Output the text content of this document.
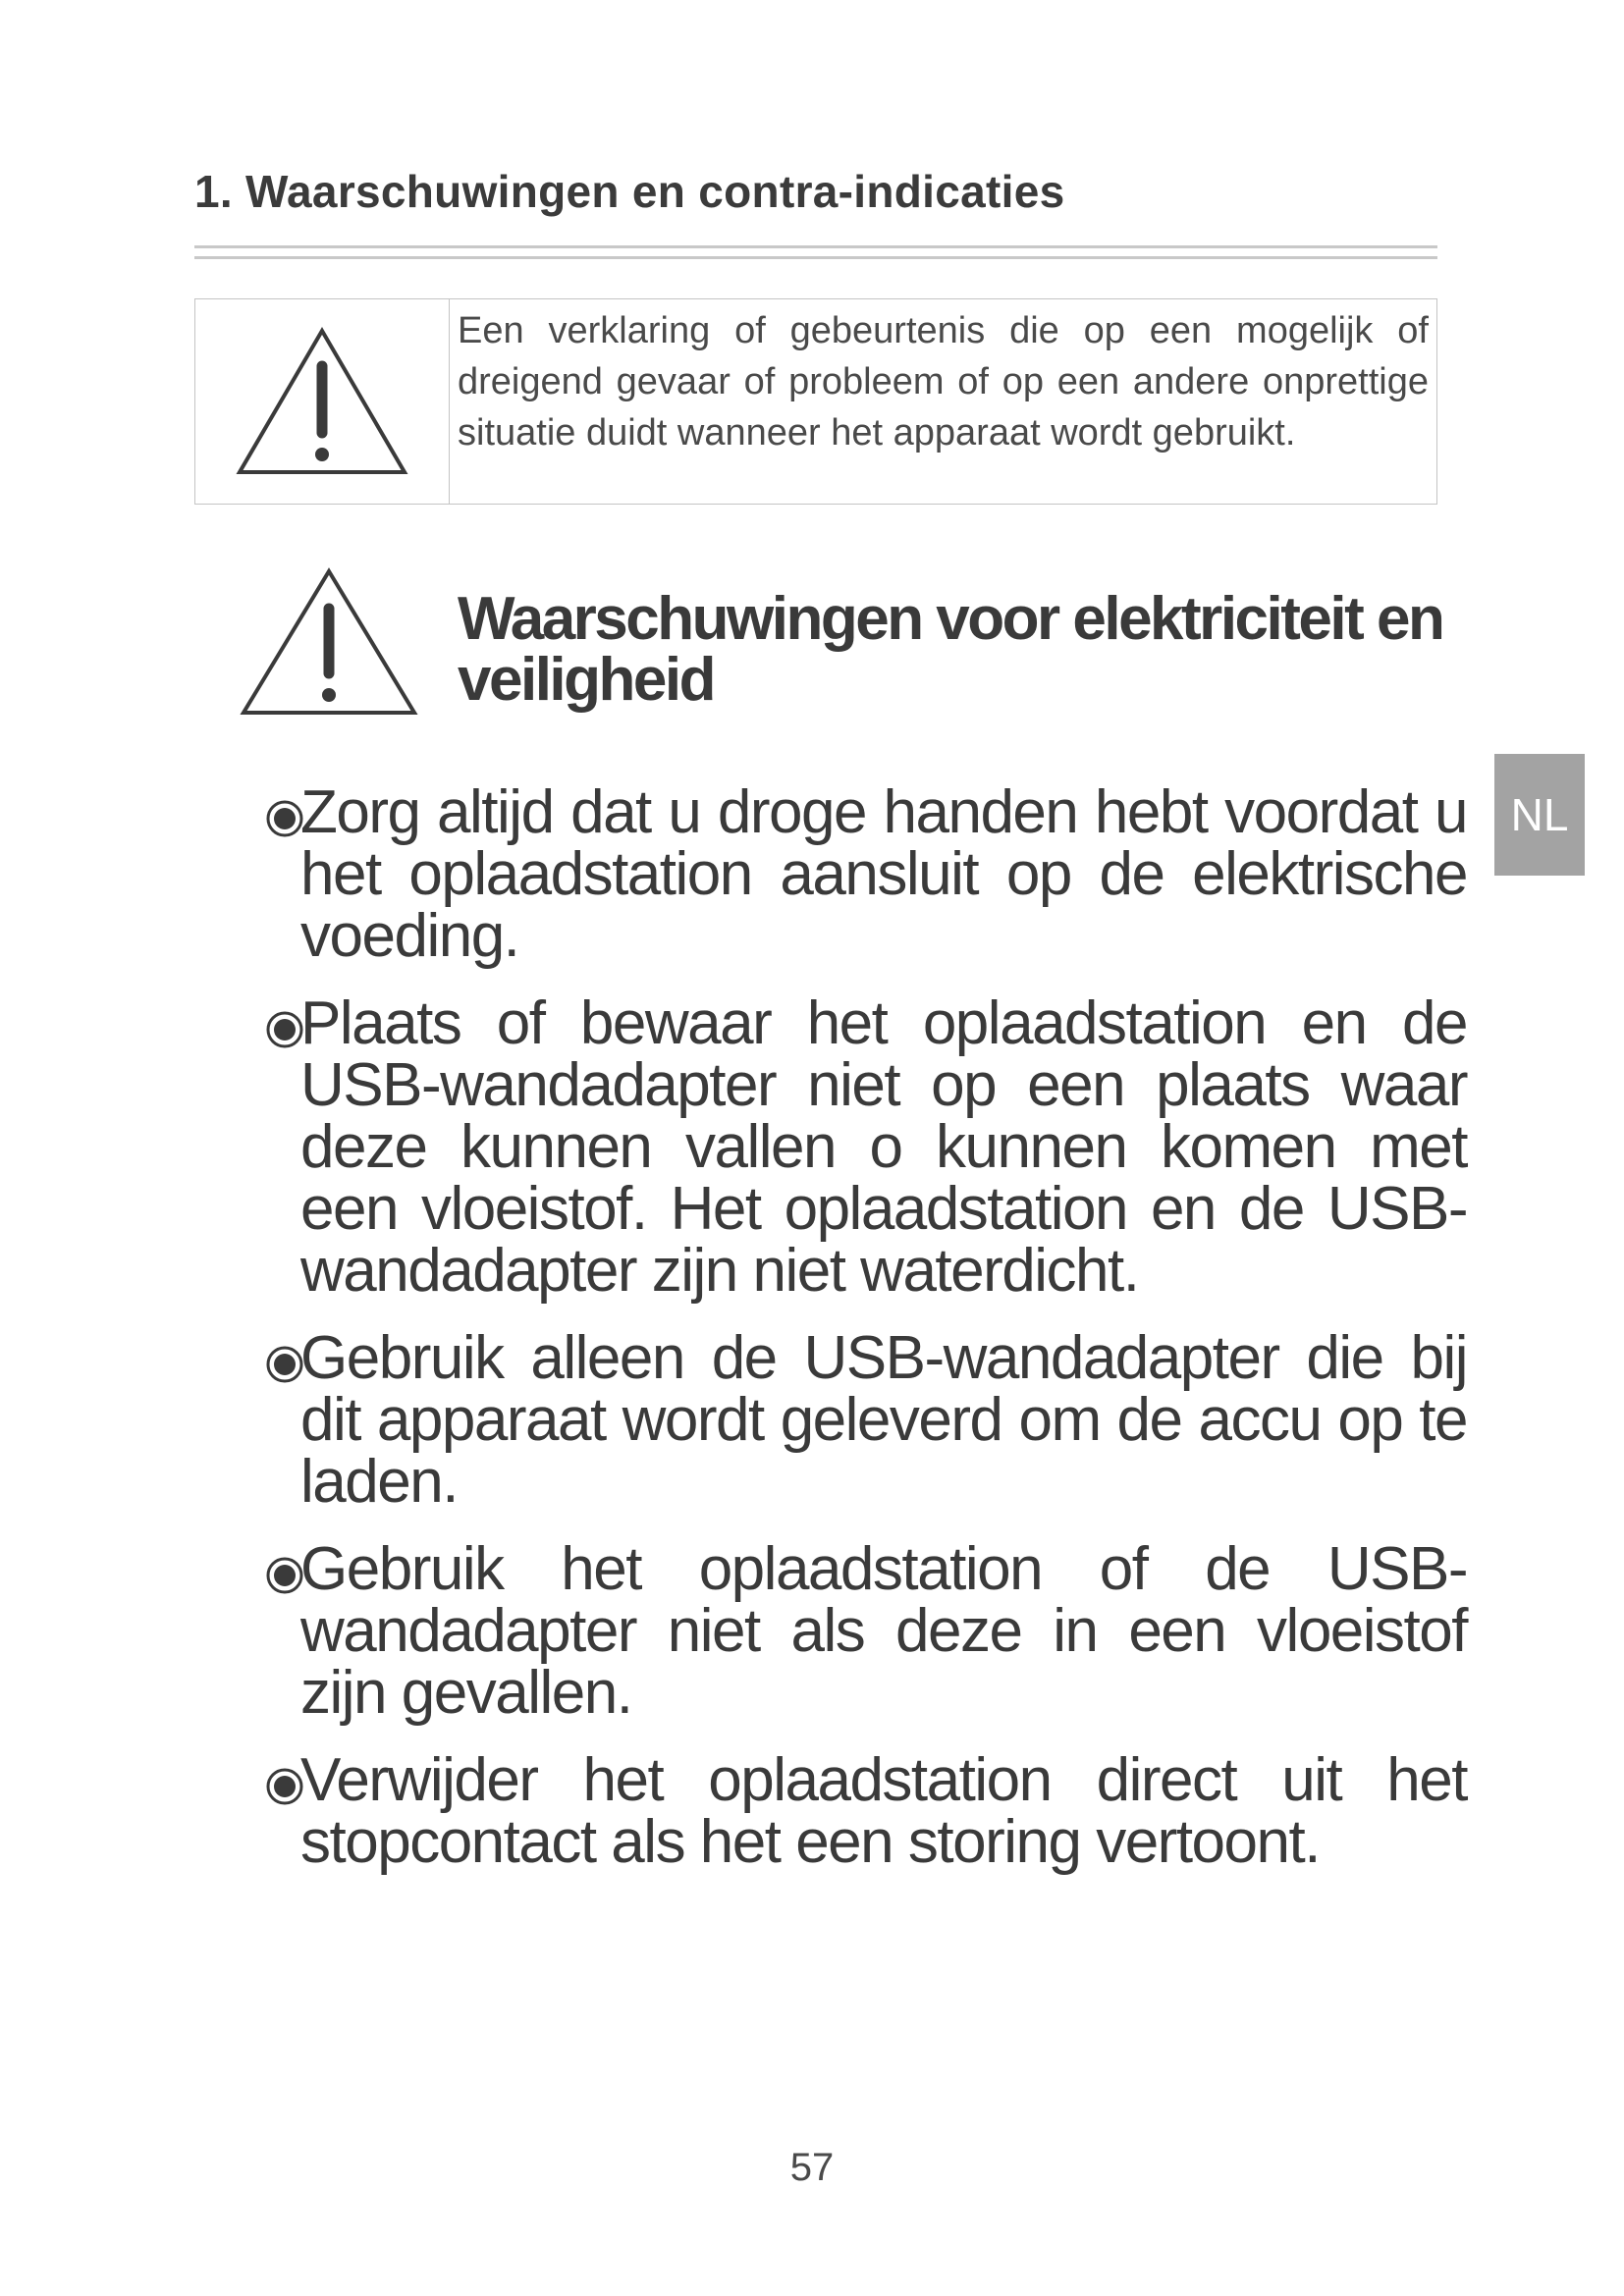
1. Waarschuwingen en contra-indicaties

Een verklaring of gebeurtenis die op een mogelijk of dreigend gevaar of probleem of op een andere onprettige situatie duidt wanneer het apparaat wordt gebruikt.

Waarschuwingen voor elektriciteit en veiligheid
NL
Zorg altijd dat u droge handen hebt voordat u het oplaadstation aansluit op de elektrische voeding.
Plaats of bewaar het oplaadstation en de USB-wandadapter niet op een plaats waar deze kunnen vallen o kunnen komen met een vloeistof. Het oplaadstation en de USB-wandadapter zijn niet waterdicht.
Gebruik alleen de USB-wandadapter die bij dit apparaat wordt geleverd om de accu op te laden.
Gebruik het oplaadstation of de USB-wandadapter niet als deze in een vloeistof zijn gevallen.
Verwijder het oplaadstation direct uit het stopcontact als het een storing vertoont.
57
